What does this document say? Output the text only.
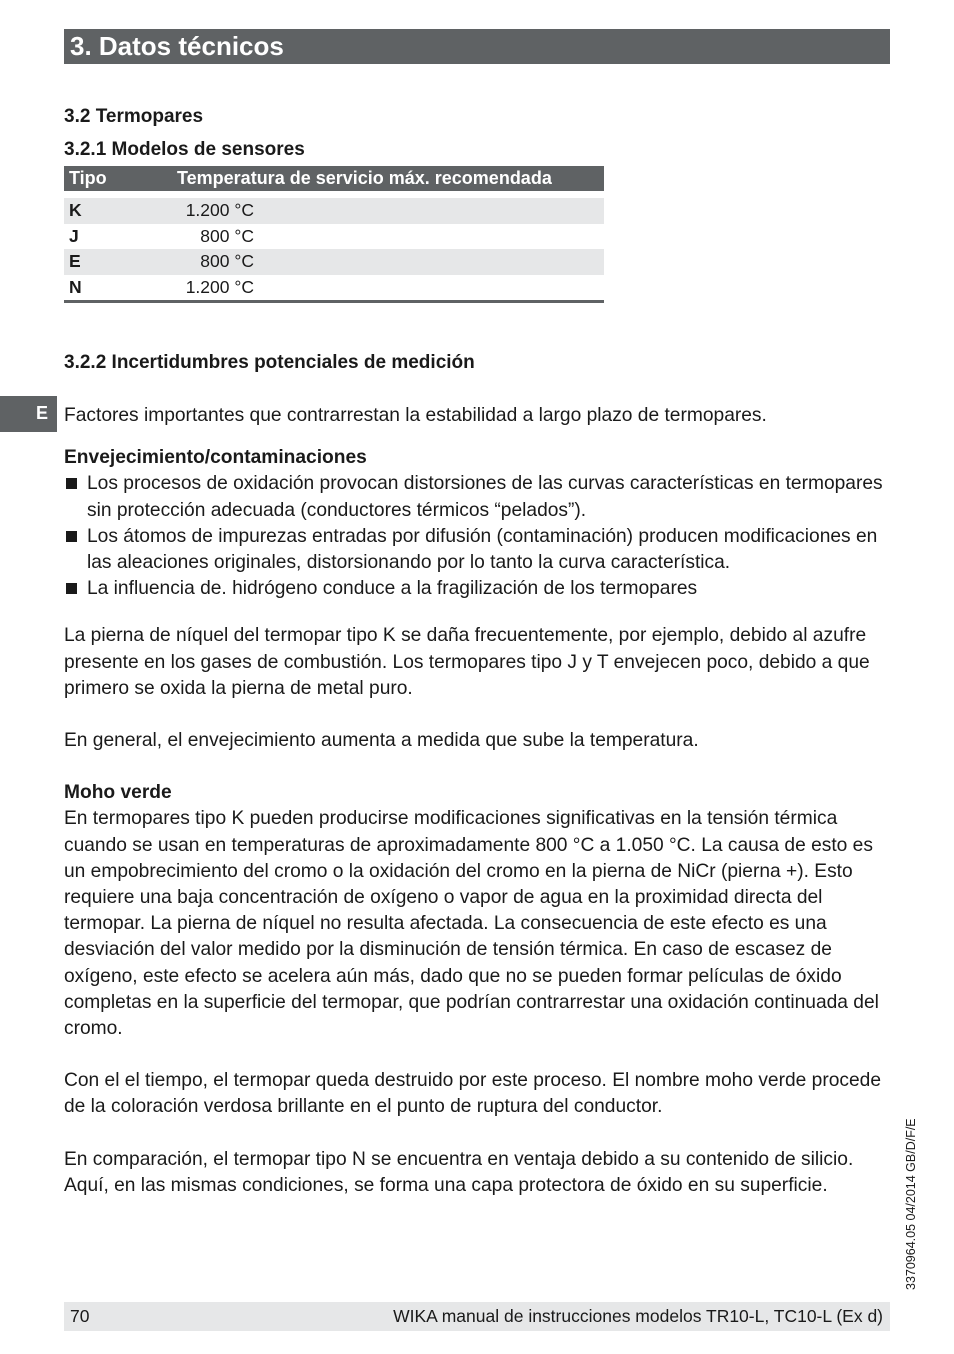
3. Datos técnicos
3.2 Termopares
3.2.1 Modelos de sensores
Tipo	Temperatura de servicio máx. recomendada

K	1.200 °C
J	800 °C
E	800 °C
N	1.200 °C
3.2.2 Incertidumbres potenciales de medición
E Factores importantes que contrarrestan la estabilidad a largo plazo de termopares.

Envejecimiento/contaminaciones

Los procesos de oxidación provocan distorsiones de las curvas características en termopares sin protección adecuada (conductores térmicos “pelados”).
Los átomos de impurezas entradas por difusión (contaminación) producen modificaciones en las aleaciones originales, distorsionando por lo tanto la curva característica.
La influencia de. hidrógeno conduce a la fragilización de los termopares

La pierna de níquel del termopar tipo K se daña frecuentemente, por ejemplo, debido al azufre presente en los gases de combustión. Los termopares tipo J y T envejecen poco, debido a que primero se oxida la pierna de metal puro.

En general, el envejecimiento aumenta a medida que sube la temperatura.

Moho verde

En termopares tipo K pueden producirse modificaciones significativas en la tensión térmica cuando se usan en temperaturas de aproximadamente 800 °C a 1.050 °C. La causa de esto es un empobrecimiento del cromo o la oxidación del cromo en la pierna de NiCr (pierna +). Esto requiere una baja concentración de oxígeno o vapor de agua en la proximidad directa del termopar. La pierna de níquel no resulta afectada. La consecuencia de este efecto es una desviación del valor medido por la disminución de tensión térmica. En caso de escasez de oxígeno, este efecto se acelera aún más, dado que no se pueden formar películas de óxido completas en la superficie del termopar, que podrían contrarrestar una oxidación continuada del cromo.

Con el el tiempo, el termopar queda destruido por este proceso. El nombre moho verde procede de la coloración verdosa brillante en el punto de ruptura del conductor.

En comparación, el termopar tipo N se encuentra en ventaja debido a su contenido de silicio. Aquí, en las mismas condiciones, se forma una capa protectora de óxido en su superficie.	3370964.05 04/2014 GB/D/F/E
70	WIKA manual de instrucciones modelos TR10-L, TC10-L (Ex d)
